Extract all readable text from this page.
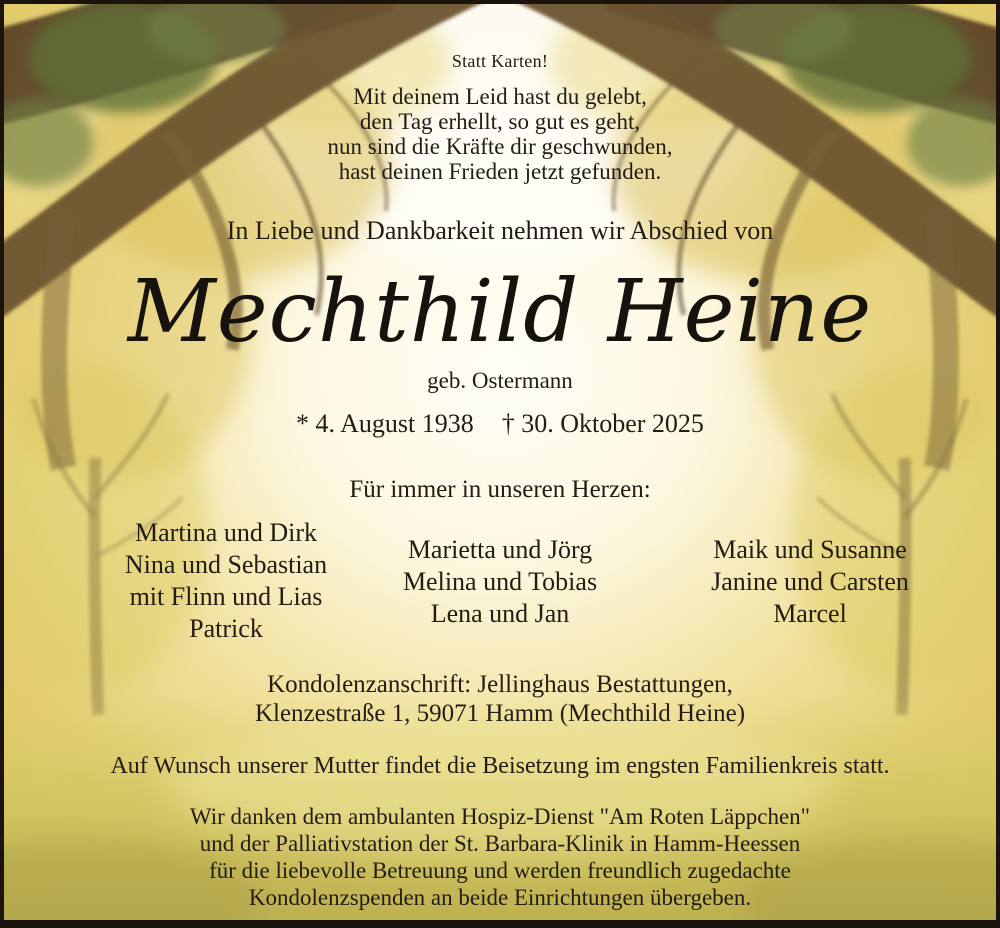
Statt Karten!
Mit deinem Leid hast du gelebt,
den Tag erhellt, so gut es geht,
nun sind die Kräfte dir geschwunden,
hast deinen Frieden jetzt gefunden.
In Liebe und Dankbarkeit nehmen wir Abschied von
Mechthild Heine
geb. Ostermann
* 4. August 1938 † 30. Oktober 2025
Für immer in unseren Herzen:
Martina und Dirk
Nina und Sebastian
mit Flinn und Lias
Patrick
Marietta und Jörg
Melina und Tobias
Lena und Jan
Maik und Susanne
Janine und Carsten
Marcel
Kondolenzanschrift: Jellinghaus Bestattungen,
Klenzestraße 1, 59071 Hamm (Mechthild Heine)
Auf Wunsch unserer Mutter findet die Beisetzung im engsten Familienkreis statt.
Wir danken dem ambulanten Hospiz-Dienst "Am Roten Läppchen"
und der Palliativstation der St. Barbara-Klinik in Hamm-Heessen
für die liebevolle Betreuung und werden freundlich zugedachte
Kondolenzspenden an beide Einrichtungen übergeben.
